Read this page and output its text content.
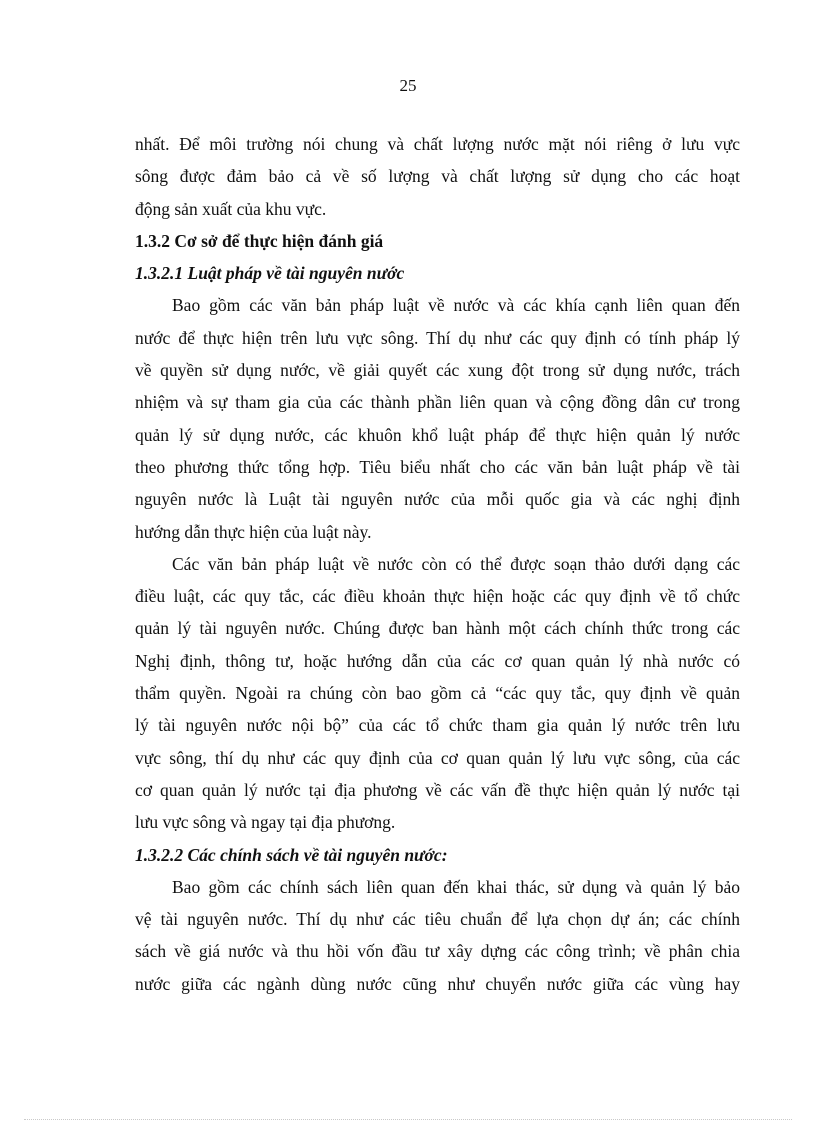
25
nhất. Để môi trường nói chung và chất lượng nước mặt nói riêng ở lưu vực
sông được đảm bảo cả về số lượng và chất lượng sử dụng cho các hoạt
động sản xuất của khu vực.
1.3.2 Cơ sở để thực hiện đánh giá
1.3.2.1 Luật pháp về tài nguyên nước
Bao gồm các văn bản pháp luật về nước và các khía cạnh liên quan đến
nước để thực hiện trên lưu vực sông. Thí dụ như các quy định có tính pháp lý
về quyền sử dụng nước, về giải quyết các xung đột trong sử dụng nước, trách
nhiệm và sự tham gia của các thành phần liên quan và cộng đồng dân cư trong
quản lý sử dụng nước, các khuôn khổ luật pháp để thực hiện quản lý nước
theo phương thức tổng hợp. Tiêu biểu nhất cho các văn bản luật pháp về tài
nguyên nước là Luật tài nguyên nước của mỗi quốc gia và các nghị định
hướng dẫn thực hiện của luật này.
Các văn bản pháp luật về nước còn có thể được soạn thảo dưới dạng các
điều luật, các quy tắc, các điều khoản thực hiện hoặc các quy định về tổ chức
quản lý tài nguyên nước. Chúng được ban hành một cách chính thức trong các
Nghị định, thông tư, hoặc hướng dẫn của các cơ quan quản lý nhà nước có
thẩm quyền. Ngoài ra chúng còn bao gồm cả “các quy tắc, quy định về quản
lý tài nguyên nước nội bộ” của các tổ chức tham gia quản lý nước trên lưu
vực sông, thí dụ như các quy định của cơ quan quản lý lưu vực sông, của các
cơ quan quản lý nước tại địa phương về các vấn đề thực hiện quản lý nước tại
lưu vực sông và ngay tại địa phương.
1.3.2.2 Các chính sách về tài nguyên nước:
Bao gồm các chính sách liên quan đến khai thác, sử dụng và quản lý bảo
vệ tài nguyên nước. Thí dụ như các tiêu chuẩn để lựa chọn dự án; các chính
sách về giá nước và thu hồi vốn đầu tư xây dựng các công trình; về phân chia
nước giữa các ngành dùng nước cũng như chuyển nước giữa các vùng hay
